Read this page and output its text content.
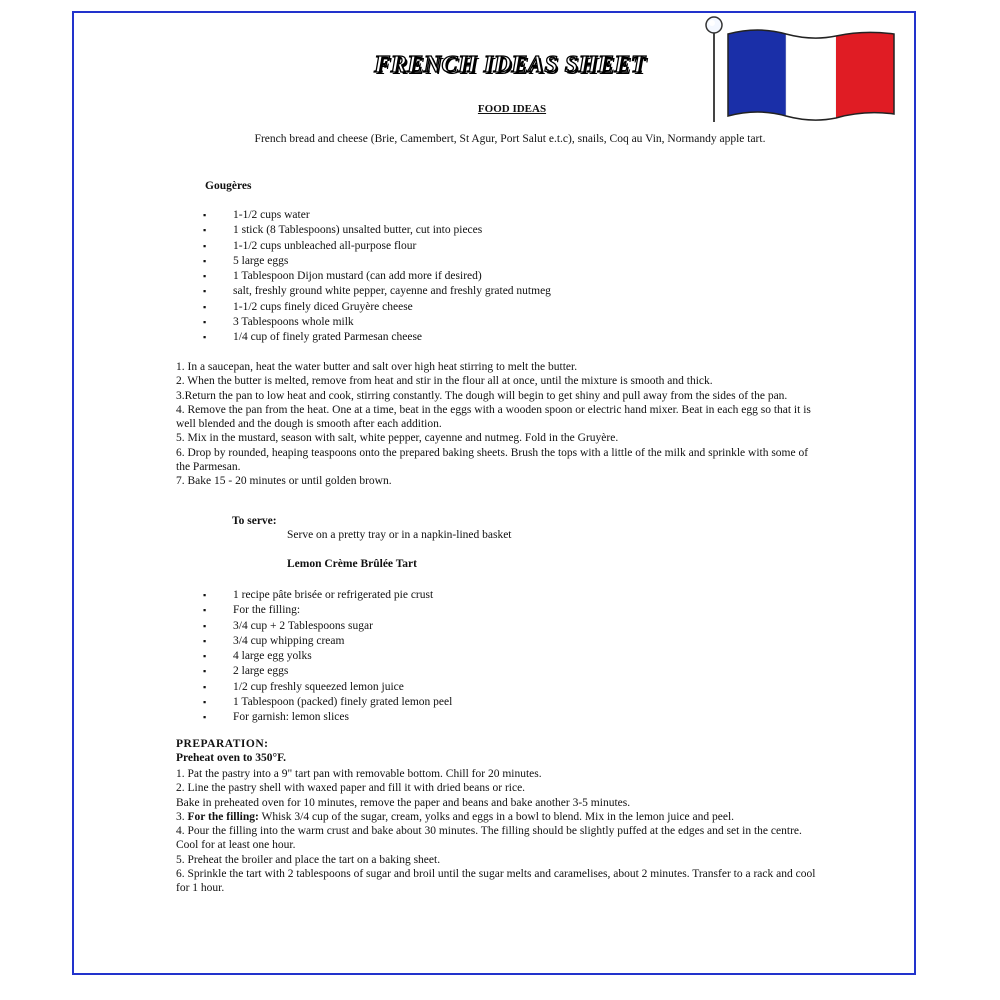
FRENCH IDEAS SHEET
FOOD IDEAS
French bread and cheese (Brie, Camembert, St Agur, Port Salut e.t.c), snails, Coq au Vin, Normandy apple tart.
Gougères
▪ 1-1/2 cups water
▪ 1 stick (8 Tablespoons) unsalted butter, cut into pieces
▪ 1-1/2 cups unbleached all-purpose flour
▪ 5 large eggs
▪ 1 Tablespoon Dijon mustard (can add more if desired)
▪ salt, freshly ground white pepper, cayenne and freshly grated nutmeg
▪ 1-1/2 cups finely diced Gruyère cheese
▪ 3 Tablespoons whole milk
▪ 1/4 cup of finely grated Parmesan cheese

1. In a saucepan, heat the water butter and salt over high heat stirring to melt the butter.

2. When the butter is melted, remove from heat and stir in the flour all at once, until the mixture is smooth and thick.

3.Return the pan to low heat and cook, stirring constantly. The dough will begin to get shiny and pull away from the sides of the pan.

4. Remove the pan from the heat. One at a time, beat in the eggs with a wooden spoon or electric hand mixer. Beat in each egg so that it is well blended and the dough is smooth after each addition.

5. Mix in the mustard, season with salt, white pepper, cayenne and nutmeg. Fold in the Gruyère.

6. Drop by rounded, heaping teaspoons onto the prepared baking sheets. Brush the tops with a little of the milk and sprinkle with some of the Parmesan.

7. Bake 15 - 20 minutes or until golden brown.

To serve:
Serve on a pretty tray or in a napkin-lined basket
Lemon Crème Brûlée Tart
▪ 1 recipe pâte brisée or refrigerated pie crust
▪ For the filling:
▪ 3/4 cup + 2 Tablespoons sugar
▪ 3/4 cup whipping cream
▪ 4 large egg yolks
▪ 2 large eggs
▪ 1/2 cup freshly squeezed lemon juice
▪ 1 Tablespoon (packed) finely grated lemon peel
▪ For garnish: lemon slices
PREPARATION:
Preheat oven to 350°F.

1. Pat the pastry into a 9" tart pan with removable bottom. Chill for 20 minutes.

2. Line the pastry shell with waxed paper and fill it with dried beans or rice.

Bake in preheated oven for 10 minutes, remove the paper and beans and bake another 3-5 minutes.

3. For the filling: Whisk 3/4 cup of the sugar, cream, yolks and eggs in a bowl to blend. Mix in the lemon juice and peel.

4. Pour the filling into the warm crust and bake about 30 minutes. The filling should be slightly puffed at the edges and set in the centre. Cool for at least one hour.

5. Preheat the broiler and place the tart on a baking sheet.

6. Sprinkle the tart with 2 tablespoons of sugar and broil until the sugar melts and caramelises, about 2 minutes. Transfer to a rack and cool for 1 hour.
